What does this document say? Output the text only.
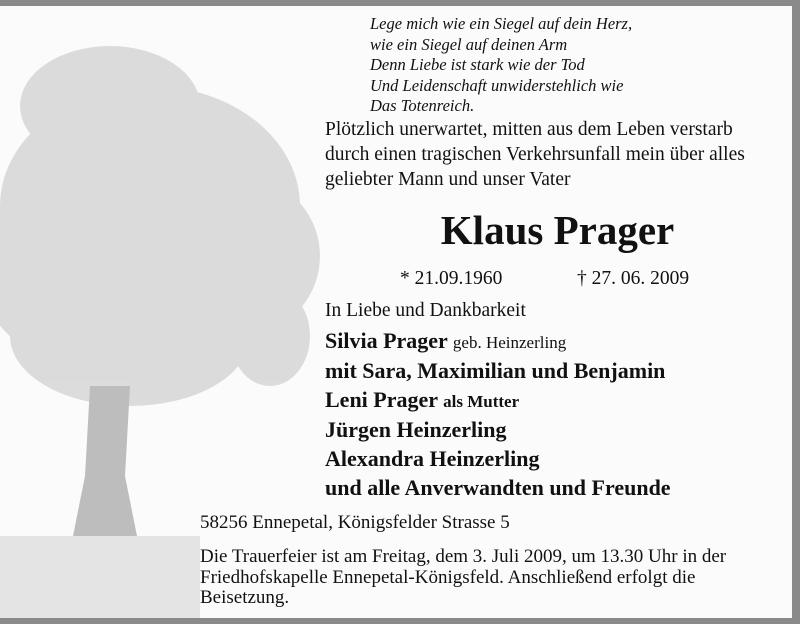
Lege mich wie ein Siegel auf dein Herz,
wie ein Siegel auf deinen Arm
Denn Liebe ist stark wie der Tod
Und Leidenschaft unwiderstehlich wie
Das Totenreich.
Plötzlich unerwartet, mitten aus dem Leben verstarb
durch einen tragischen Verkehrsunfall mein über alles
geliebter Mann und unser Vater
Klaus Prager
* 21.09.1960	† 27. 06. 2009
In Liebe und Dankbarkeit
Silvia Prager geb. Heinzerling
mit Sara, Maximilian und Benjamin
Leni Prager als Mutter
Jürgen Heinzerling
Alexandra Heinzerling
und alle Anverwandten und Freunde
58256 Ennepetal, Königsfelder Strasse 5
Die Trauerfeier ist am Freitag, dem 3. Juli 2009, um 13.30 Uhr in der
Friedhofskapelle Ennepetal-Königsfeld. Anschließend erfolgt die
Beisetzung.
